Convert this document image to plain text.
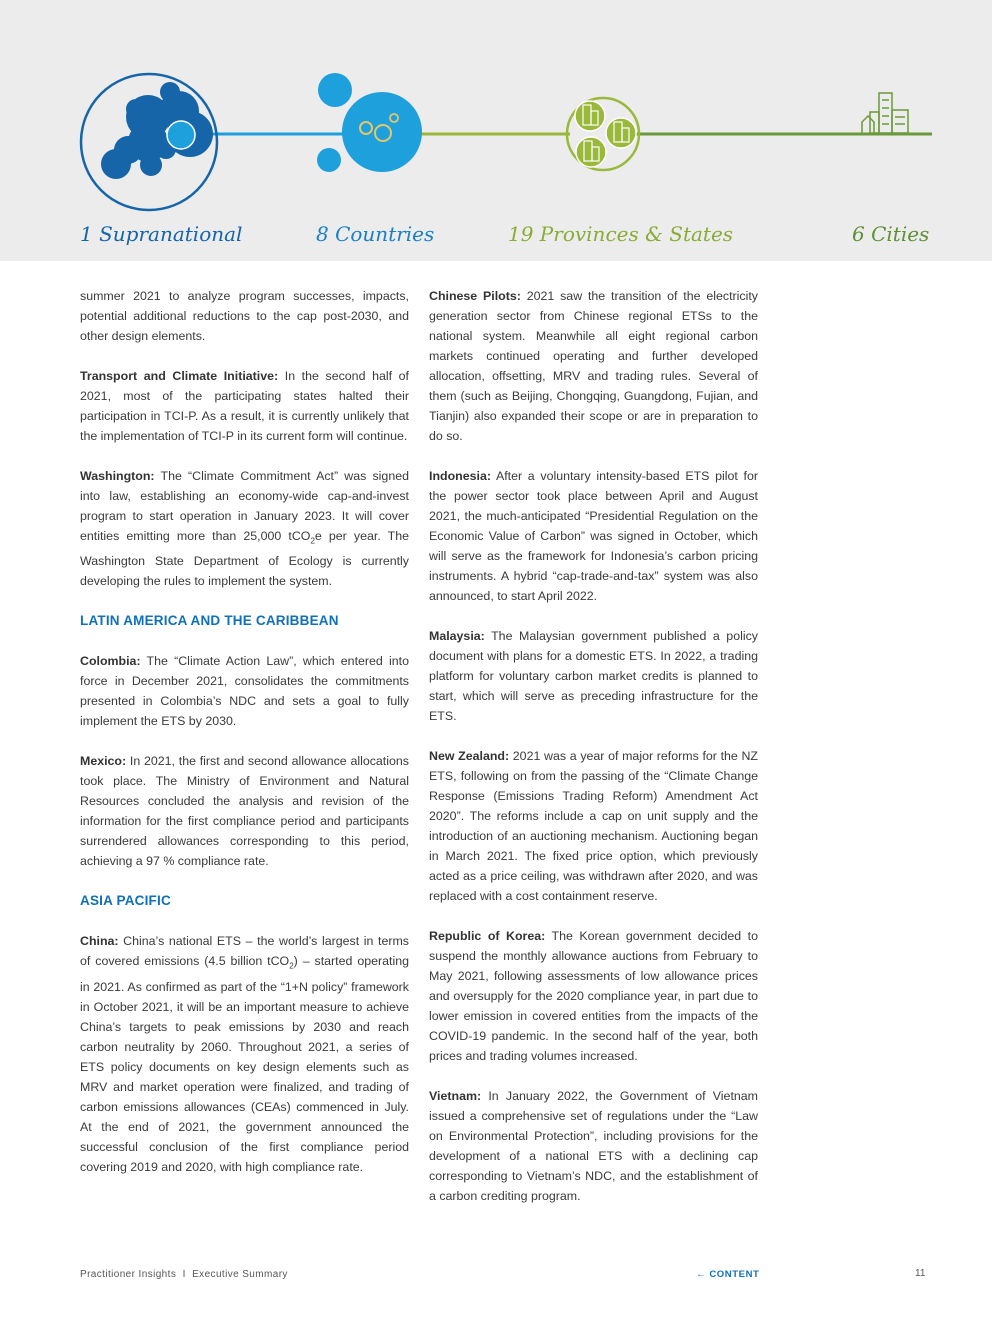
1 Supranational	8 Countries	19 Provinces & States	6 Cities

summer 2021 to analyze program successes, impacts, potential additional reductions to the cap post-2030, and other design elements.

Transport and Climate Initiative: In the second half of 2021, most of the participating states halted their participation in TCI-P. As a result, it is currently unlikely that the implementation of TCI-P in its current form will continue.

Washington: The “Climate Commitment Act” was signed into law, establishing an economy-wide cap-and-invest program to start operation in January 2023. It will cover entities emitting more than 25,000 tCO$_2$e per year. The Washington State Department of Ecology is currently developing the rules to implement the system.

LATIN AMERICA AND THE CARIBBEAN

Colombia: The “Climate Action Law”, which entered into force in December 2021, consolidates the commitments presented in Colombia’s NDC and sets a goal to fully implement the ETS by 2030.

Mexico: In 2021, the first and second allowance allocations took place. The Ministry of Environment and Natural Resources concluded the analysis and revision of the information for the first compliance period and participants surrendered allowances corresponding to this period, achieving a 97 % compliance rate.

ASIA PACIFIC

China: China’s national ETS – the world’s largest in terms of covered emissions (4.5 billion tCO$_2$) – started operating in 2021. As confirmed as part of the “1+N policy” framework in October 2021, it will be an important measure to achieve China’s targets to peak emissions by 2030 and reach carbon neutrality by 2060. Throughout 2021, a series of ETS policy documents on key design elements such as MRV and market operation were finalized, and trading of carbon emissions allowances (CEAs) commenced in July. At the end of 2021, the government announced the successful conclusion of the first compliance period covering 2019 and 2020, with high compliance rate.

Chinese Pilots: 2021 saw the transition of the electricity generation sector from Chinese regional ETSs to the national system. Meanwhile all eight regional carbon markets continued operating and further developed allocation, offsetting, MRV and trading rules. Several of them (such as Beijing, Chongqing, Guangdong, Fujian, and Tianjin) also expanded their scope or are in preparation to do so.

Indonesia: After a voluntary intensity-based ETS pilot for the power sector took place between April and August 2021, the much-anticipated “Presidential Regulation on the Economic Value of Carbon” was signed in October, which will serve as the framework for Indonesia’s carbon pricing instruments. A hybrid “cap-trade-and-tax” system was also announced, to start April 2022.

Malaysia: The Malaysian government published a policy document with plans for a domestic ETS. In 2022, a trading platform for voluntary carbon market credits is planned to start, which will serve as preceding infrastructure for the ETS.

New Zealand: 2021 was a year of major reforms for the NZ ETS, following on from the passing of the “Climate Change Response (Emissions Trading Reform) Amendment Act 2020”. The reforms include a cap on unit supply and the introduction of an auctioning mechanism. Auctioning began in March 2021. The fixed price option, which previously acted as a price ceiling, was withdrawn after 2020, and was replaced with a cost containment reserve.

Republic of Korea: The Korean government decided to suspend the monthly allowance auctions from February to May 2021, following assessments of low allowance prices and oversupply for the 2020 compliance year, in part due to lower emission in covered entities from the impacts of the COVID-19 pandemic. In the second half of the year, both prices and trading volumes increased.

Vietnam: In January 2022, the Government of Vietnam issued a comprehensive set of regulations under the “Law on Environmental Protection”, including provisions for the development of a national ETS with a declining cap corresponding to Vietnam’s NDC, and the establishment of a carbon crediting program.

Practitioner Insights  I  Executive Summary	← CONTENT	11
